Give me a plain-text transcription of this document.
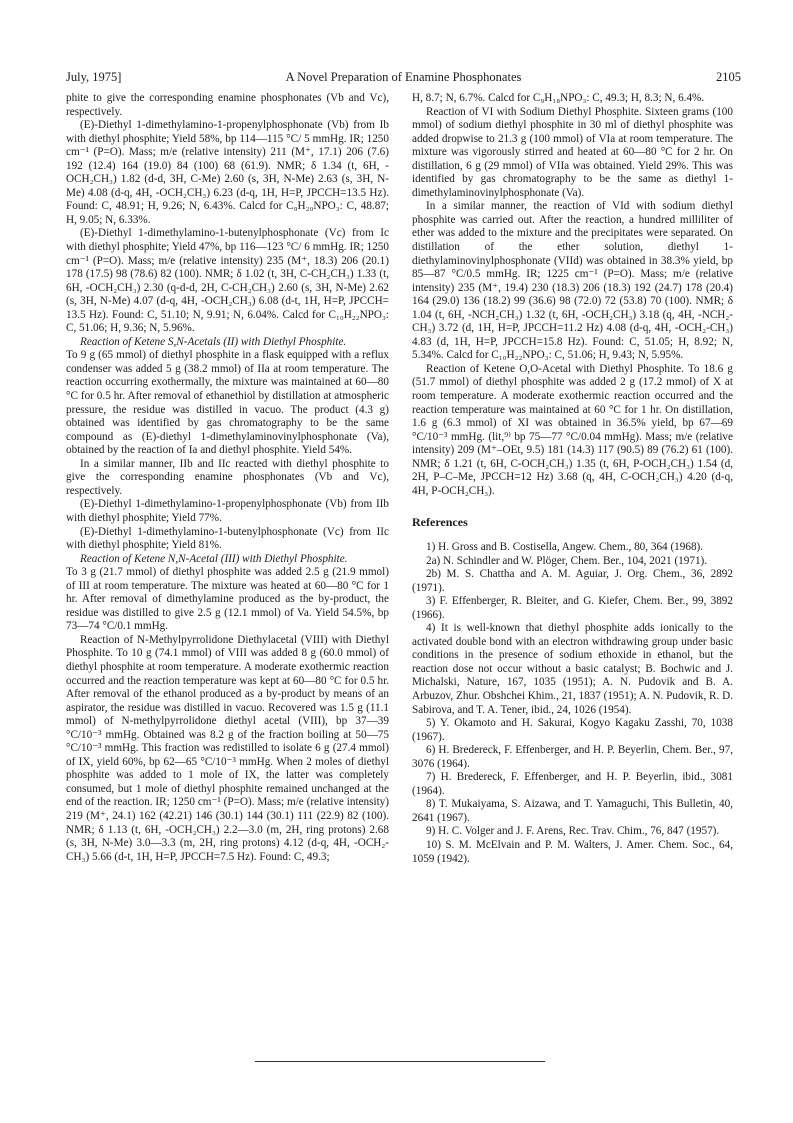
July, 1975]	A Novel Preparation of Enamine Phosphonates	2105

phite to give the corresponding enamine phosphonates (Vb and Vc), respectively.

(E)-Diethyl 1-dimethylamino-1-propenylphosphonate (Vb) from Ib with diethyl phosphite; Yield 58%, bp 114—115 °C/ 5 mmHg. IR; 1250 cm⁻¹ (P=O). Mass; m/e (relative intensity) 211 (M⁺, 17.1) 206 (7.6) 192 (12.4) 164 (19.0) 84 (100) 68 (61.9). NMR; δ 1.34 (t, 6H, -OCH₂CH₃) 1.82 (d-d, 3H, C-Me) 2.60 (s, 3H, N-Me) 2.63 (s, 3H, N-Me) 4.08 (d-q, 4H, -OCH₂CH₃) 6.23 (d-q, 1H, H=P, JPCCH=13.5 Hz). Found: C, 48.91; H, 9.26; N, 6.43%. Calcd for C₉H₂₀NPO₃: C, 48.87; H, 9.05; N, 6.33%.

(E)-Diethyl 1-dimethylamino-1-butenylphosphonate (Vc) from Ic with diethyl phosphite; Yield 47%, bp 116—123 °C/ 6 mmHg. IR; 1250 cm⁻¹ (P=O). Mass; m/e (relative intensity) 235 (M⁺, 18.3) 206 (20.1) 178 (17.5) 98 (78.6) 82 (100). NMR; δ 1.02 (t, 3H, C-CH₂CH₃) 1.33 (t, 6H, -OCH₂CH₃) 2.30 (q-d-d, 2H, C-CH₂CH₃) 2.60 (s, 3H, N-Me) 2.62 (s, 3H, N-Me) 4.07 (d-q, 4H, -OCH₂CH₃) 6.08 (d-t, 1H, H=P, JPCCH= 13.5 Hz). Found: C, 51.10; N, 9.91; N, 6.04%. Calcd for C₁₀H₂₂NPO₃: C, 51.06; H, 9.36; N, 5.96%.

Reaction of Ketene S,N-Acetals (II) with Diethyl Phosphite.

To 9 g (65 mmol) of diethyl phosphite in a flask equipped with a reflux condenser was added 5 g (38.2 mmol) of IIa at room temperature. The reaction occurring exothermally, the mixture was maintained at 60—80 °C for 0.5 hr. After removal of ethanethiol by distillation at atmospheric pressure, the residue was distilled in vacuo. The product (4.3 g) obtained was identified by gas chromatography to be the same compound as (E)-diethyl 1-dimethylaminovinylphosphonate (Va), obtained by the reaction of Ia and diethyl phosphite. Yield 54%.

In a similar manner, IIb and IIc reacted with diethyl phosphite to give the corresponding enamine phosphonates (Vb and Vc), respectively.

(E)-Diethyl 1-dimethylamino-1-propenylphosphonate (Vb) from IIb with diethyl phosphite; Yield 77%.

(E)-Diethyl 1-dimethylamino-1-butenylphosphonate (Vc) from IIc with diethyl phosphite; Yield 81%.

Reaction of Ketene N,N-Acetal (III) with Diethyl Phosphite.

To 3 g (21.7 mmol) of diethyl phosphite was added 2.5 g (21.9 mmol) of III at room temperature. The mixture was heated at 60—80 °C for 1 hr. After removal of dimethylamine produced as the by-product, the residue was distilled to give 2.5 g (12.1 mmol) of Va. Yield 54.5%, bp 73—74 °C/0.1 mmHg.

Reaction of N-Methylpyrrolidone Diethylacetal (VIII) with Diethyl Phosphite. To 10 g (74.1 mmol) of VIII was added 8 g (60.0 mmol) of diethyl phosphite at room temperature. A moderate exothermic reaction occurred and the reaction temperature was kept at 60—80 °C for 0.5 hr. After removal of the ethanol produced as a by-product by means of an aspirator, the residue was distilled in vacuo. Recovered was 1.5 g (11.1 mmol) of N-methylpyrrolidone diethyl acetal (VIII), bp 37—39 °C/10⁻³ mmHg. Obtained was 8.2 g of the fraction boiling at 50—75 °C/10⁻³ mmHg. This fraction was redistilled to isolate 6 g (27.4 mmol) of IX, yield 60%, bp 62—65 °C/10⁻³ mmHg. When 2 moles of diethyl phosphite was added to 1 mole of IX, the latter was completely consumed, but 1 mole of diethyl phosphite remained unchanged at the end of the reaction. IR; 1250 cm⁻¹ (P=O). Mass; m/e (relative intensity) 219 (M⁺, 24.1) 162 (42.21) 146 (30.1) 144 (30.1) 111 (22.9) 82 (100). NMR; δ 1.13 (t, 6H, -OCH₂CH₃) 2.2—3.0 (m, 2H, ring protons) 2.68 (s, 3H, N-Me) 3.0—3.3 (m, 2H, ring protons) 4.12 (d-q, 4H, -OCH₂-CH₃) 5.66 (d-t, 1H, H=P, JPCCH=7.5 Hz). Found: C, 49.3;

H, 8.7; N, 6.7%. Calcd for C₉H₁₈NPO₃: C, 49.3; H, 8.3; N, 6.4%.

Reaction of VI with Sodium Diethyl Phosphite. Sixteen grams (100 mmol) of sodium diethyl phosphite in 30 ml of diethyl phosphite was added dropwise to 21.3 g (100 mmol) of VIa at room temperature. The mixture was vigorously stirred and heated at 60—80 °C for 2 hr. On distillation, 6 g (29 mmol) of VIIa was obtained. Yield 29%. This was identified by gas chromatography to be the same as diethyl 1-dimethylaminovinylphosphonate (Va).

In a similar manner, the reaction of VId with sodium diethyl phosphite was carried out. After the reaction, a hundred milliliter of ether was added to the mixture and the precipitates were separated. On distillation of the ether solution, diethyl 1-diethylaminovinylphosphonate (VIId) was obtained in 38.3% yield, bp 85—87 °C/0.5 mmHg. IR; 1225 cm⁻¹ (P=O). Mass; m/e (relative intensity) 235 (M⁺, 19.4) 230 (18.3) 206 (18.3) 192 (24.7) 178 (20.4) 164 (29.0) 136 (18.2) 99 (36.6) 98 (72.0) 72 (53.8) 70 (100). NMR; δ 1.04 (t, 6H, -NCH₂CH₃) 1.32 (t, 6H, -OCH₂CH₃) 3.18 (q, 4H, -NCH₂-CH₃) 3.72 (d, 1H, H=P, JPCCH=11.2 Hz) 4.08 (d-q, 4H, -OCH₂-CH₃) 4.83 (d, 1H, H=P, JPCCH=15.8 Hz). Found: C, 51.05; H, 8.92; N, 5.34%. Calcd for C₁₀H₂₂NPO₃: C, 51.06; H, 9.43; N, 5.95%.

Reaction of Ketene O,O-Acetal with Diethyl Phosphite. To 18.6 g (51.7 mmol) of diethyl phosphite was added 2 g (17.2 mmol) of X at room temperature. A moderate exothermic reaction occurred and the reaction temperature was maintained at 60 °C for 1 hr. On distillation, 1.6 g (6.3 mmol) of XI was obtained in 36.5% yield, bp 67—69 °C/10⁻³ mmHg. (lit,⁹⁾ bp 75—77 °C/0.04 mmHg). Mass; m/e (relative intensity) 209 (M⁺–OEt, 9.5) 181 (14.3) 117 (90.5) 89 (76.2) 61 (100). NMR; δ 1.21 (t, 6H, C-OCH₂CH₃) 1.35 (t, 6H, P-OCH₂CH₃) 1.54 (d, 2H, P–C–Me, JPCCH=12 Hz) 3.68 (q, 4H, C-OCH₂CH₃) 4.20 (d-q, 4H, P-OCH₂CH₃).

References

1) H. Gross and B. Costisella, Angew. Chem., 80, 364 (1968).

2a) N. Schindler and W. Plöger, Chem. Ber., 104, 2021 (1971).

2b) M. S. Chattha and A. M. Aguiar, J. Org. Chem., 36, 2892 (1971).

3) F. Effenberger, R. Bleiter, and G. Kiefer, Chem. Ber., 99, 3892 (1966).

4) It is well-known that diethyl phosphite adds ionically to the activated double bond with an electron withdrawing group under basic conditions in the presence of sodium ethoxide in ethanol, but the reaction dose not occur without a basic catalyst; B. Bochwic and J. Michalski, Nature, 167, 1035 (1951); A. N. Pudovik and B. A. Arbuzov, Zhur. Obshchei Khim., 21, 1837 (1951); A. N. Pudovik, R. D. Sabirova, and T. A. Tener, ibid., 24, 1026 (1954).

5) Y. Okamoto and H. Sakurai, Kogyo Kagaku Zasshi, 70, 1038 (1967).

6) H. Bredereck, F. Effenberger, and H. P. Beyerlin, Chem. Ber., 97, 3076 (1964).

7) H. Bredereck, F. Effenberger, and H. P. Beyerlin, ibid., 3081 (1964).

8) T. Mukaiyama, S. Aizawa, and T. Yamaguchi, This Bulletin, 40, 2641 (1967).

9) H. C. Volger and J. F. Arens, Rec. Trav. Chim., 76, 847 (1957).

10) S. M. McElvain and P. M. Walters, J. Amer. Chem. Soc., 64, 1059 (1942).
